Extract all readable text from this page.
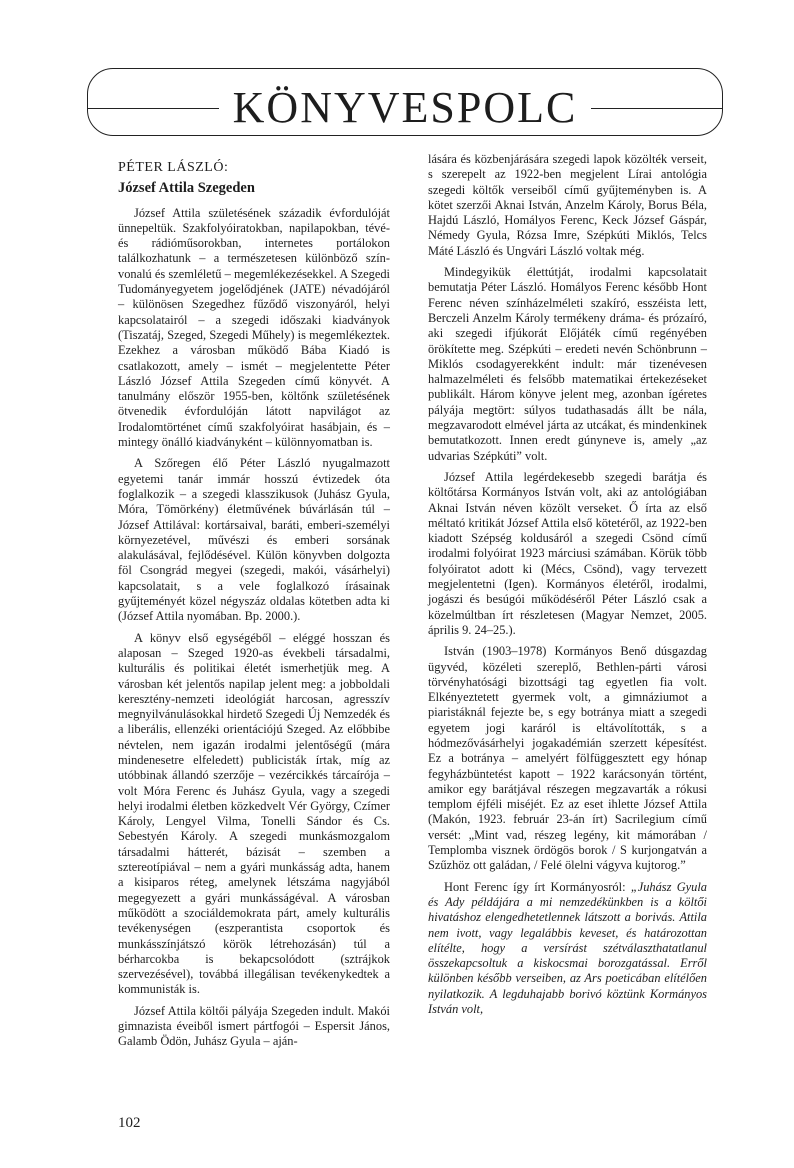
KÖNYVESPOLC
PÉTER LÁSZLÓ:
József Attila Szegeden

József Attila születésének századik évfordulóját ünnepeltük. Szakfolyóiratokban, napilapokban, tévé- és rádióműsorokban, internetes portálokon találkozhatunk – a természetesen különböző színvonalú és szemléletű – megemlékezésekkel. A Szegedi Tudományegyetem jogelődjének (JATE) névadójáról – különösen Szegedhez fűződő viszonyáról, helyi kapcsolatairól – a szegedi időszaki kiadványok (Tiszatáj, Szeged, Szegedi Műhely) is megemlékeztek. Ezekhez a városban működő Bába Kiadó is csatlakozott, amely – ismét – megjelentette Péter László József Attila Szegeden című könyvét. A tanulmány először 1955-ben, költőnk születésének ötvenedik évfordulóján látott napvilágot az Irodalomtörténet című szakfolyóirat hasábjain, és – mintegy önálló kiadványként – különnyomatban is.

A Szőregen élő Péter László nyugalmazott egyetemi tanár immár hosszú évtizedek óta foglalkozik – a szegedi klasszikusok (Juhász Gyula, Móra, Tömörkény) életművének búvárlásán túl – József Attilával: kortársaival, baráti, emberi-személyi környezetével, művészi és emberi sorsának alakulásával, fejlődésével. Külön könyvben dolgozta föl Csongrád megyei (szegedi, makói, vásárhelyi) kapcsolatait, s a vele foglalkozó írásainak gyűjteményét közel négyszáz oldalas kötetben adta ki (József Attila nyomában. Bp. 2000.).

A könyv első egységéből – eléggé hosszan és alaposan – Szeged 1920-as évekbeli társadalmi, kulturális és politikai életét ismerhetjük meg. A városban két jelentős napilap jelent meg: a jobboldali keresztény-nemzeti ideológiát harcosan, agresszív megnyilvánulásokkal hirdető Szegedi Új Nemzedék és a liberális, ellenzéki orientációjú Szeged. Az előbbibe névtelen, nem igazán irodalmi jelentőségű (mára mindenesetre elfeledett) publicisták írtak, míg az utóbbinak állandó szerzője – vezércikkés tárcaírója – volt Móra Ferenc és Juhász Gyula, vagy a szegedi helyi irodalmi életben közkedvelt Vér György, Czímer Károly, Lengyel Vilma, Tonelli Sándor és Cs. Sebestyén Károly. A szegedi munkásmozgalom társadalmi hátterét, bázisát – szemben a sztereotípiával – nem a gyári munkásság adta, hanem a kisiparos réteg, amelynek létszáma nagyjából megegyezett a gyári munkásságéval. A városban működött a szociáldemokrata párt, amely kulturális tevékenységen (eszperantista csoportok és munkásszínjátszó körök létrehozásán) túl a bérharcokba is bekapcsolódott (sztrájkok szervezésével), továbbá illegálisan tevékenykedtek a kommunisták is.

József Attila költői pályája Szegeden indult. Makói gimnazista éveiből ismert pártfogói – Espersit János, Galamb Ödön, Juhász Gyula – aján-

lására és közbenjárására szegedi lapok közölték verseit, s szerepelt az 1922-ben megjelent Lírai antológia szegedi költők verseiből című gyűjteményben is. A kötet szerzői Aknai István, Anzelm Károly, Borus Béla, Hajdú László, Homályos Ferenc, Keck József Gáspár, Némedy Gyula, Rózsa Imre, Szépkúti Miklós, Telcs Máté László és Ungvári László voltak még.

Mindegyikük élettútját, irodalmi kapcsolatait bemutatja Péter László. Homályos Ferenc később Hont Ferenc néven színházelméleti szakíró, esszéista lett, Berczeli Anzelm Károly termékeny dráma- és prózaíró, aki szegedi ifjúkorát Előjáték című regényében örökítette meg. Szépkúti – eredeti nevén Schönbrunn – Miklós csodagyerekként indult: már tizenévesen halmazelméleti és felsőbb matematikai értekezéseket publikált. Három könyve jelent meg, azonban ígéretes pályája megtört: súlyos tudathasadás állt be nála, megzavarodott elmével járta az utcákat, és mindenkinek bemutatkozott. Innen eredt gúnyneve is, amely „az udvarias Szépkúti” volt.

József Attila legérdekesebb szegedi barátja és költőtársa Kormányos István volt, aki az antológiában Aknai István néven közölt verseket. Ő írta az első méltató kritikát József Attila első kötetéről, az 1922-ben kiadott Szépség koldusáról a szegedi Csönd című irodalmi folyóirat 1923 márciusi számában. Körük több folyóiratot adott ki (Mécs, Csönd), vagy tervezett megjelentetni (Igen). Kormányos életéről, irodalmi, jogászi és besúgói működéséről Péter László csak a közelmúltban írt részletesen (Magyar Nemzet, 2005. április 9. 24–25.).

István (1903–1978) Kormányos Benő dúsgazdag ügyvéd, közéleti szereplő, Bethlen-párti városi törvényhatósági bizottsági tag egyetlen fia volt. Elkényeztetett gyermek volt, a gimnáziumot a piaristáknál fejezte be, s egy botránya miatt a szegedi egyetem jogi karáról is eltávolították, s a hódmezővásárhelyi jogakadémián szerzett képesítést. Ez a botránya – amelyért fölfüggesztett egy hónap fegyházbüntetést kapott – 1922 karácsonyán történt, amikor egy barátjával részegen megzavarták a rókusi templom éjféli miséjét. Ez az eset ihlette József Attila (Makón, 1923. február 23-án írt) Sacrilegium című versét: „Mint vad, részeg legény, kit mámorában / Templomba visznek ördögös borok / S kurjongatván a Szűzhöz ott galádan, / Felé ölelni vágyva kujtorog.”

Hont Ferenc így írt Kormányosról: „Juhász Gyula és Ady példájára a mi nemzedékünkben is a költői hivatáshoz elengedhetetlennek látszott a borivás. Attila nem ivott, vagy legalábbis keveset, és határozottan elítélte, hogy a versírást szétválaszthatatlanul összekapcsoltuk a kiskocsmai borozgatással. Erről különben később verseiben, az Ars poeticában elítélően nyilatkozik. A legduhajabb borivó köztünk Kormányos István volt,

102
